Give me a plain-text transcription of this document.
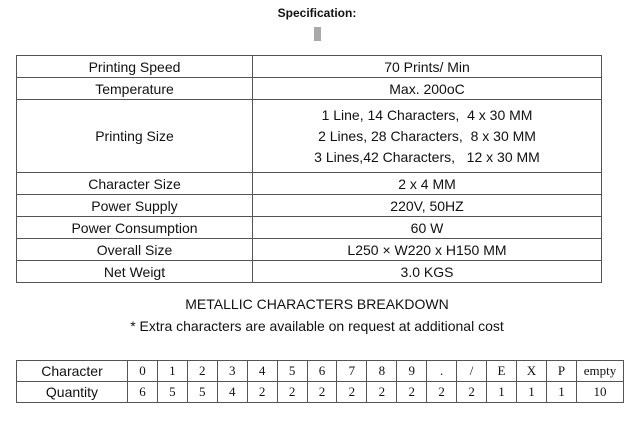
Specification:
Printing Speed	70 Prints/ Min

Temperature	Max. 200oC

Printing Size	1 Line, 14 Characters,  4 x 30 MM
2 Lines, 28 Characters,  8 x 30 MM
3 Lines,42 Characters,   12 x 30 MM

Character Size	2 x 4 MM

Power Supply	220V, 50HZ

Power Consumption	60 W

Overall Size	L250 × W220 x H150 MM

Net Weigt	3.0 KGS
METALLIC CHARACTERS BREAKDOWN
* Extra characters are available on request at additional cost
Character	0	1	2	3	4	5	6	7	8	9	.	/	E	X	P	empty
Quantity	6	5	5	4	2	2	2	2	2	2	2	2	1	1	1	10
